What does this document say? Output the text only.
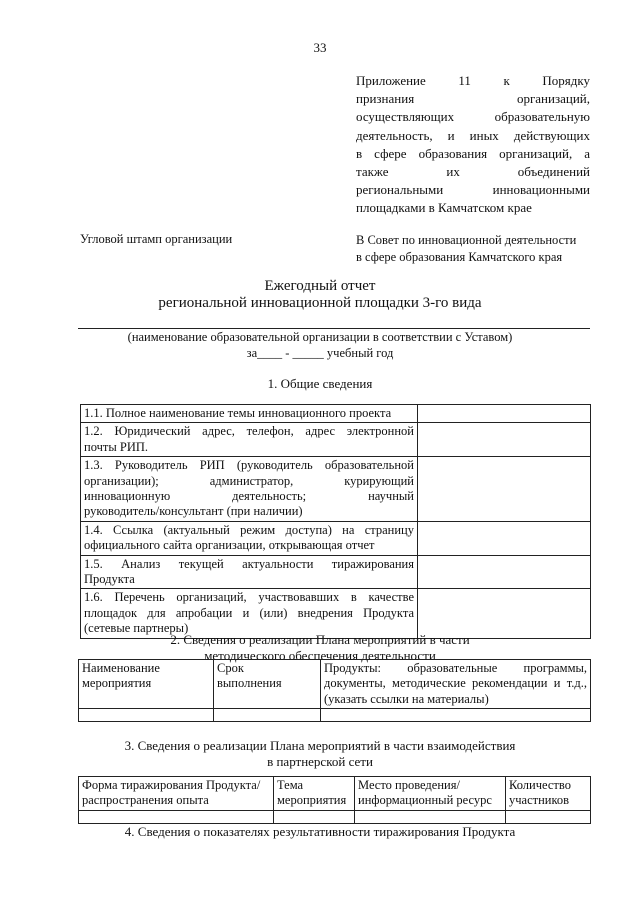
33
Приложение 11 к Порядку
признания организаций,
осуществляющих образовательную
деятельность, и иных действующих
в сфере образования организаций, а
также их объединений
региональными инновационными
площадками в Камчатском крае
Угловой штамп организации	В Совет по инновационной деятельности
в сфере образования Камчатского края
Ежегодный отчет
региональной инновационной площадки 3-го вида
(наименование образовательной организации в соответствии с Уставом)
за____ - _____ учебный год
1. Общие сведения
1.1. Полное наименование темы инновационного проекта	

1.2. Юридический адрес, телефон, адрес электронной
почты РИП.	

1.3. Руководитель РИП (руководитель образовательной
организации); администратор, курирующий
инновационную деятельность; научный
руководитель/консультант (при наличии)	

1.4. Ссылка (актуальный режим доступа) на страницу
официального сайта организации, открывающая отчет	

1.5. Анализ текущей актуальности тиражирования
Продукта	

1.6. Перечень организаций, участвовавших в качестве
площадок для апробации и (или) внедрения Продукта
(сетевые партнеры)	

2. Сведения о реализации Плана мероприятий в части
методического обеспечения деятельности
Наименование
мероприятия	Срок
выполнения	Продукты: образовательные программы,
документы, методические рекомендации и т.д.,
(указать ссылки на материалы)

3. Сведения о реализации Плана мероприятий в части взаимодействия
в партнерской сети
Форма тиражирования Продукта/
распространения опыта	Тема
мероприятия	Место проведения/
информационный ресурс	Количество
участников

4. Сведения о показателях результативности тиражирования Продукта
